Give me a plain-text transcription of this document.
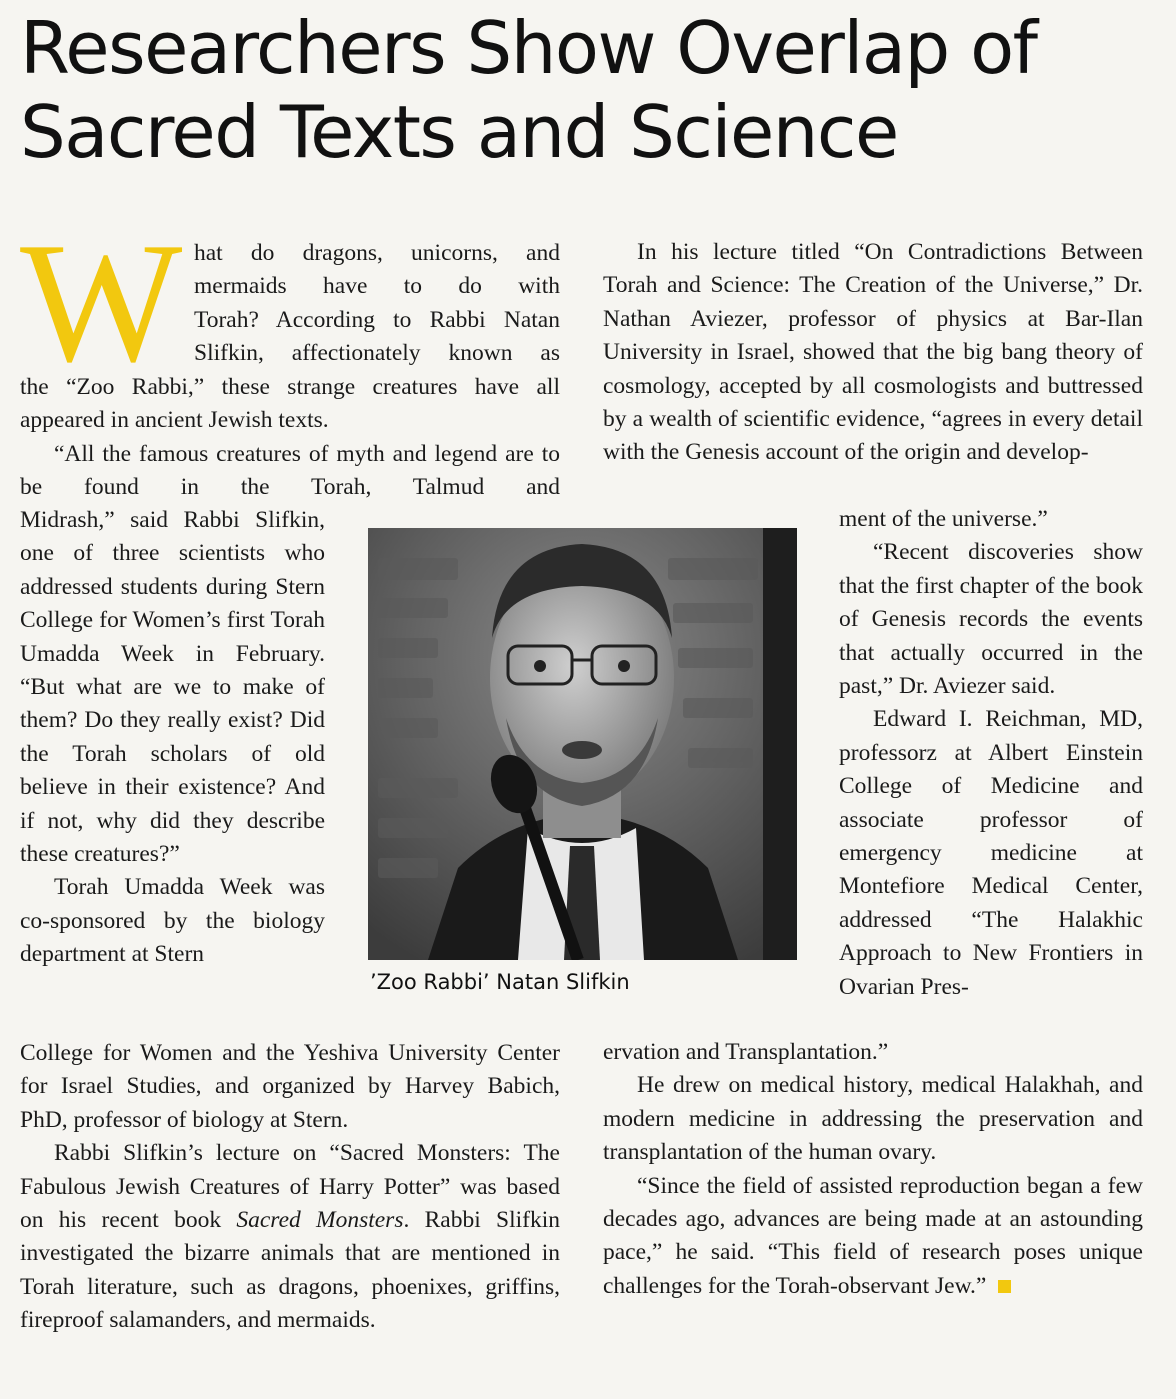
Researchers Show Overlap of
Sacred Texts and Science
W hat do dragons, unicorns, and

mermaids have to do with

Torah? According to Rabbi Natan

Slifkin, affectionately known as

the “Zoo Rabbi,” these strange creatures have all appeared in ancient Jewish texts.

“All the famous creatures of myth and legend are to be found in the Torah, Talmud and

Midrash,” said Rabbi Slifkin, one of three scientists who addressed students during Stern College for Women’s first Torah Umadda Week in February. “But what are we to make of them? Do they really exist? Did the Torah scholars of old believe in their existence? And if not, why did they describe these creatures?”

Torah Umadda Week was co-sponsored by the biology department at Stern

College for Women and the Yeshiva University Center for Israel Studies, and organized by Harvey Babich, PhD, professor of biology at Stern.

Rabbi Slifkin’s lecture on “Sacred Monsters: The Fabulous Jewish Creatures of Harry Potter” was based on his recent book Sacred Monsters. Rabbi Slifkin investigated the bizarre animals that are mentioned in Torah literature, such as dragons, phoenixes, griffins, fireproof salamanders, and mermaids.

In his lecture titled “On Contradictions Between Torah and Science: The Creation of the Universe,” Dr. Nathan Aviezer, professor of physics at Bar-Ilan University in Israel, showed that the big bang theory of cosmology, accepted by all cosmologists and buttressed by a wealth of scientific evidence, “agrees in every detail with the Genesis account of the origin and develop-

ment of the universe.”

“Recent discoveries show that the first chapter of the book of Genesis records the events that actually occurred in the past,” Dr. Aviezer said.

Edward I. Reichman, MD, professorz at Albert Einstein College of Medicine and associate professor of emergency medicine at Montefiore Medical Center, addressed “The Halakhic Approach to New Frontiers in Ovarian Pres-

ervation and Transplantation.”

He drew on medical history, medical Halakhah, and modern medicine in addressing the preservation and transplantation of the human ovary.

“Since the field of assisted reproduction began a few decades ago, advances are being made at an astounding pace,” he said. “This field of research poses unique challenges for the Torah-observant Jew.”

’Zoo Rabbi’ Natan Slifkin
